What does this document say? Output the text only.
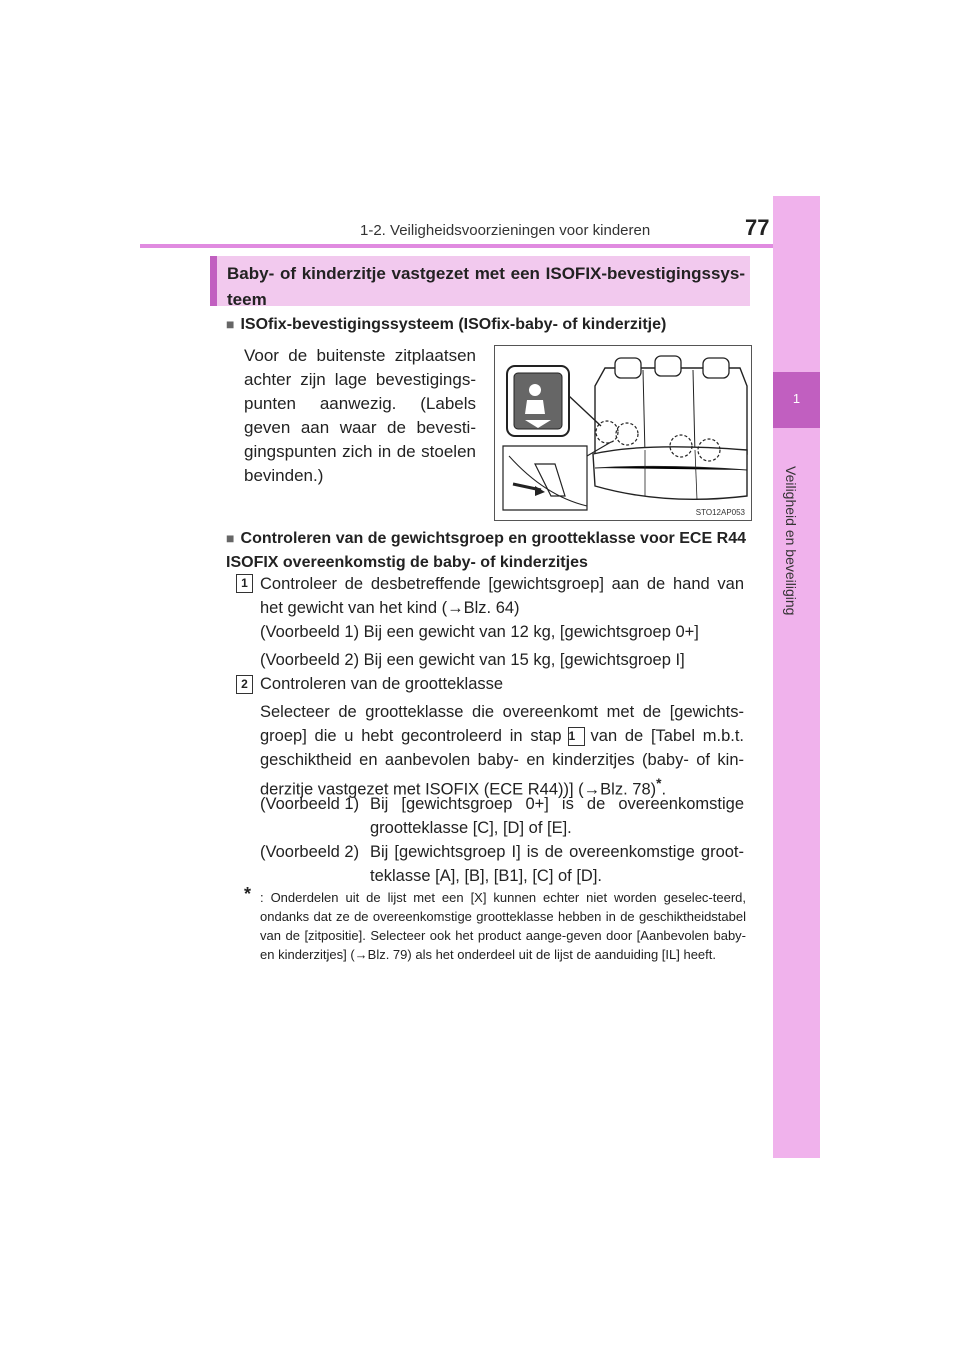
1-2. Veiligheidsvoorzieningen voor kinderen	77
1
Veiligheid en beveiliging
Baby- of kinderzitje vastgezet met een ISOFIX-bevestigingssys-teem
■ ISOfix-bevestigingssysteem (ISOfix-baby- of kinderzitje)
Voor de buitenste zitplaatsen achter zijn lage bevestigings-punten aanwezig. (Labels geven aan waar de bevesti-gingspunten zich in de stoelen bevinden.)
STO12AP053
■ Controleren van de gewichtsgroep en grootteklasse voor ECE R44 ISOFIX overeenkomstig de baby- of kinderzitjes
1 Controleer de desbetreffende [gewichtsgroep] aan de hand van het gewicht van het kind (→Blz. 64)
(Voorbeeld 1) Bij een gewicht van 12 kg, [gewichtsgroep 0+]
(Voorbeeld 2) Bij een gewicht van 15 kg, [gewichtsgroep I]
2 Controleren van de grootteklasse
Selecteer de grootteklasse die overeenkomt met de [gewichts-groep] die u hebt gecontroleerd in stap 1 van de [Tabel m.b.t. geschiktheid en aanbevolen baby- en kinderzitjes (baby- of kin-derzitje vastgezet met ISOFIX (ECE R44))] (→Blz. 78)*.
(Voorbeeld 1) Bij [gewichtsgroep 0+] is de overeenkomstige grootteklasse [C], [D] of [E].
(Voorbeeld 2) Bij [gewichtsgroep I] is de overeenkomstige groot-teklasse [A], [B], [B1], [C] of [D].
* : Onderdelen uit de lijst met een [X] kunnen echter niet worden geselec-teerd, ondanks dat ze de overeenkomstige grootteklasse hebben in de geschiktheidstabel van de [zitpositie]. Selecteer ook het product aange-geven door [Aanbevolen baby- en kinderzitjes] (→Blz. 79) als het onderdeel uit de lijst de aanduiding [IL] heeft.
